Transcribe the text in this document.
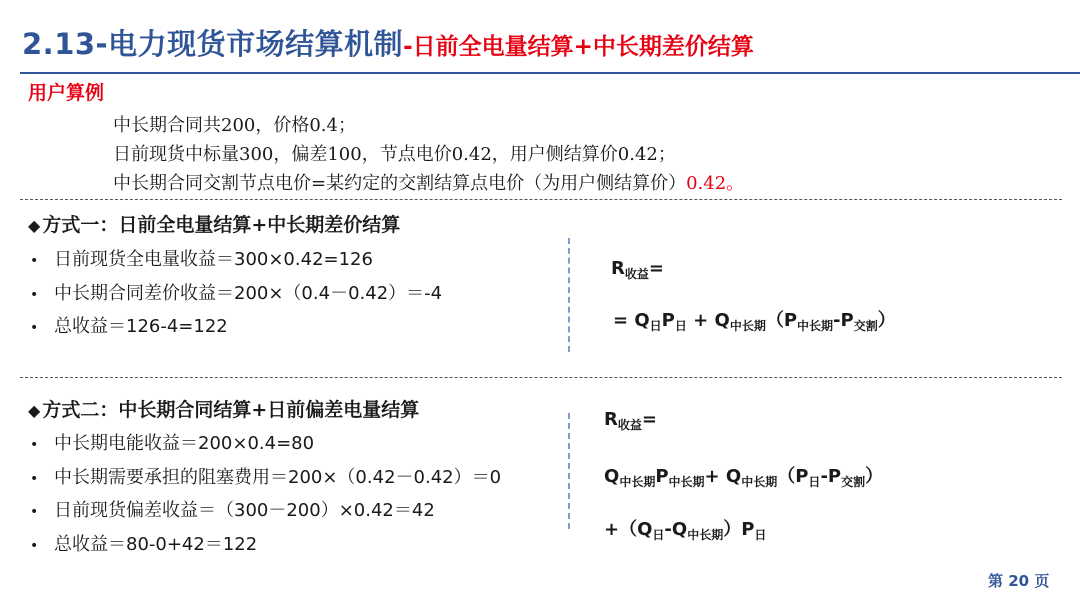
2.13-电力现货市场结算机制-日前全电量结算+中长期差价结算
用户算例
中长期合同共200，价格0.4；
日前现货中标量300，偏差100，节点电价0.42，用户侧结算价0.42；
中长期合同交割节点电价=某约定的交割结算点电价（为用户侧结算价）0.42。
◆ 方式一：日前全电量结算+中长期差价结算
• 日前现货全电量收益＝300×0.42=126
• 中长期合同差价收益＝200×（0.4－0.42）＝-4
• 总收益＝126-4=122
$R_{收益}=$
= $Q_日P_日 + Q_{中长期}(P_{中长期}-P_{交割})$
◆ 方式二：中长期合同结算+日前偏差电量结算
• 中长期电能收益＝200×0.4=80
• 中长期需要承担的阻塞费用＝200×（0.42－0.42）＝0
• 日前现货偏差收益＝（300－200）×0.42＝42
• 总收益＝80-0+42＝122
$R_{收益}=$
$Q_{中长期}P_{中长期}+ Q_{中长期}(P_日-P_{交割})$
$+(Q_日-Q_{中长期})P_日$
第 20 页
